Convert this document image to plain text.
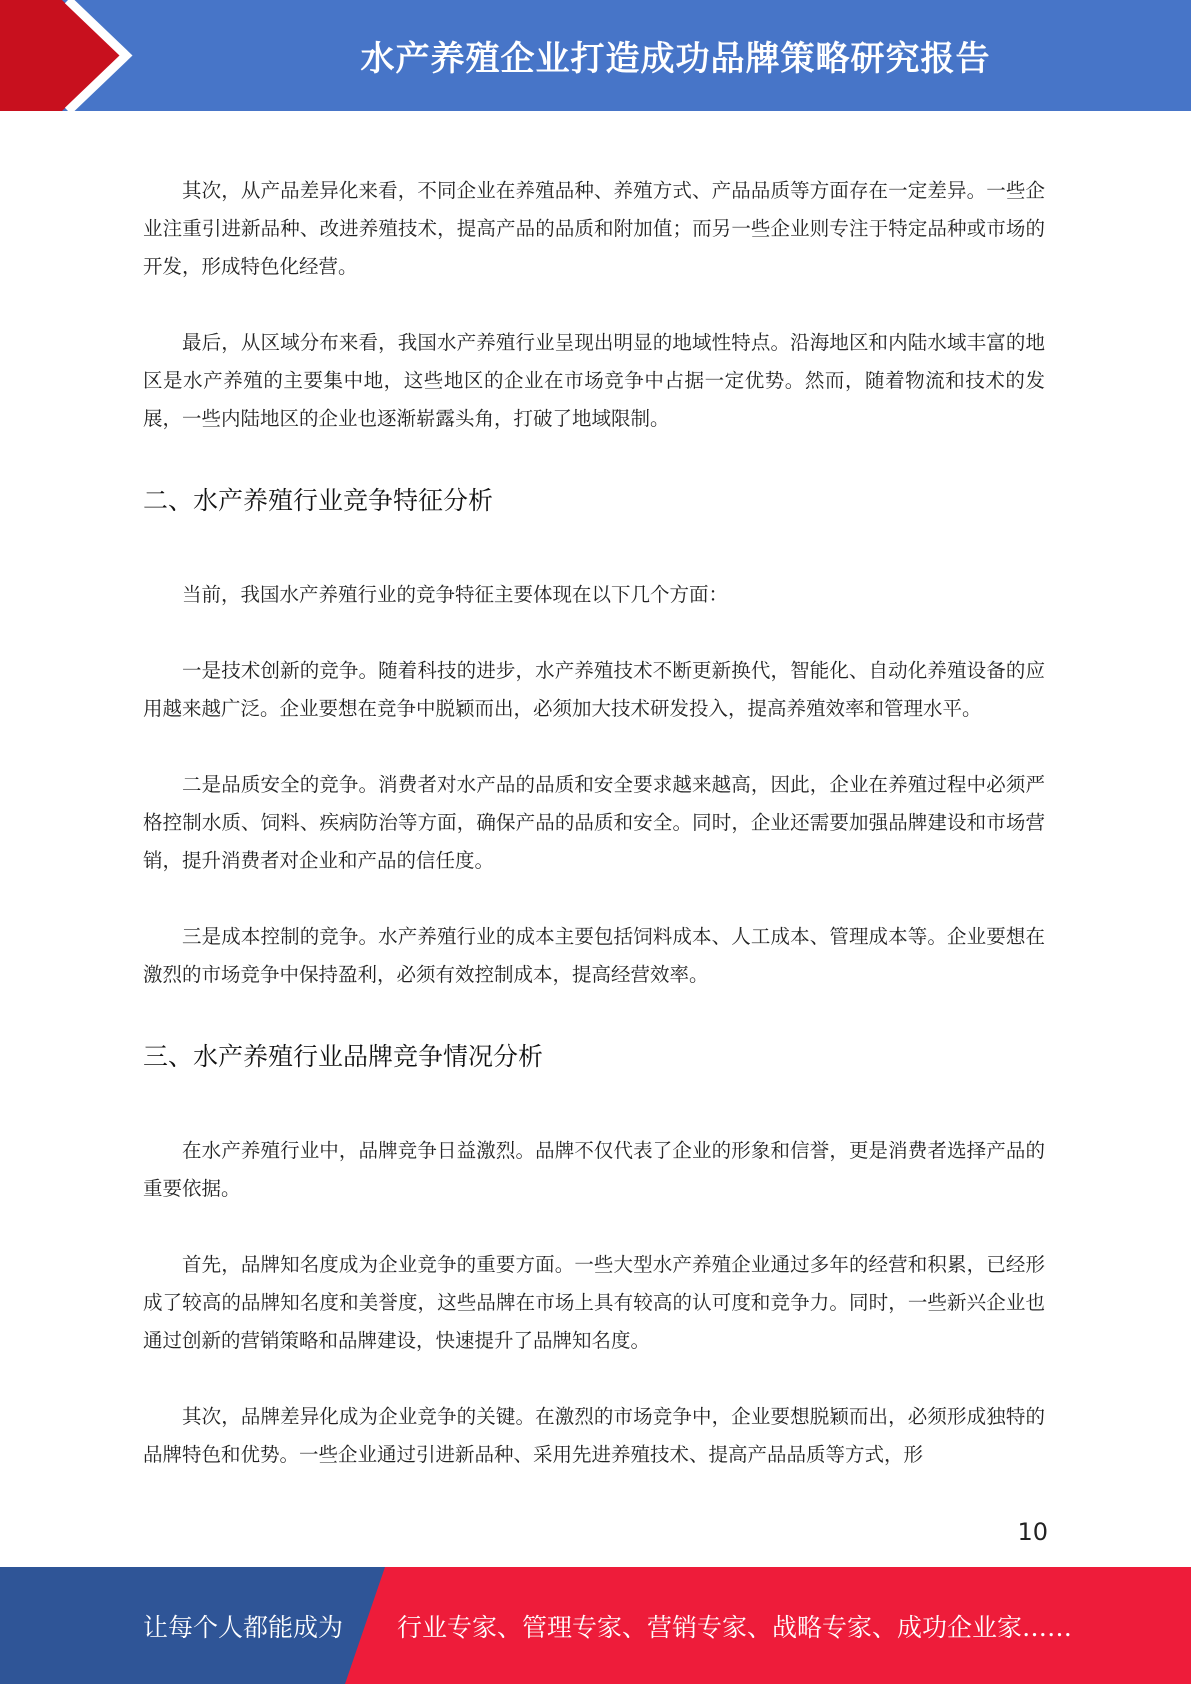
水产养殖企业打造成功品牌策略研究报告

其次，从产品差异化来看，不同企业在养殖品种、养殖方式、产品品质等方面存在一定差异。一些企业注重引进新品种、改进养殖技术，提高产品的品质和附加值；而另一些企业则专注于特定品种或市场的开发，形成特色化经营。

最后，从区域分布来看，我国水产养殖行业呈现出明显的地域性特点。沿海地区和内陆水域丰富的地区是水产养殖的主要集中地，这些地区的企业在市场竞争中占据一定优势。然而，随着物流和技术的发展，一些内陆地区的企业也逐渐崭露头角，打破了地域限制。

二、水产养殖行业竞争特征分析

当前，我国水产养殖行业的竞争特征主要体现在以下几个方面：

一是技术创新的竞争。随着科技的进步，水产养殖技术不断更新换代，智能化、自动化养殖设备的应用越来越广泛。企业要想在竞争中脱颖而出，必须加大技术研发投入，提高养殖效率和管理水平。

二是品质安全的竞争。消费者对水产品的品质和安全要求越来越高，因此，企业在养殖过程中必须严格控制水质、饲料、疾病防治等方面，确保产品的品质和安全。同时，企业还需要加强品牌建设和市场营销，提升消费者对企业和产品的信任度。

三是成本控制的竞争。水产养殖行业的成本主要包括饲料成本、人工成本、管理成本等。企业要想在激烈的市场竞争中保持盈利，必须有效控制成本，提高经营效率。

三、水产养殖行业品牌竞争情况分析

在水产养殖行业中，品牌竞争日益激烈。品牌不仅代表了企业的形象和信誉，更是消费者选择产品的重要依据。

首先，品牌知名度成为企业竞争的重要方面。一些大型水产养殖企业通过多年的经营和积累，已经形成了较高的品牌知名度和美誉度，这些品牌在市场上具有较高的认可度和竞争力。同时，一些新兴企业也通过创新的营销策略和品牌建设，快速提升了品牌知名度。

其次，品牌差异化成为企业竞争的关键。在激烈的市场竞争中，企业要想脱颖而出，必须形成独特的品牌特色和优势。一些企业通过引进新品种、采用先进养殖技术、提高产品品质等方式，形

10
让每个人都能成为 行业专家、管理专家、营销专家、战略专家、成功企业家……
